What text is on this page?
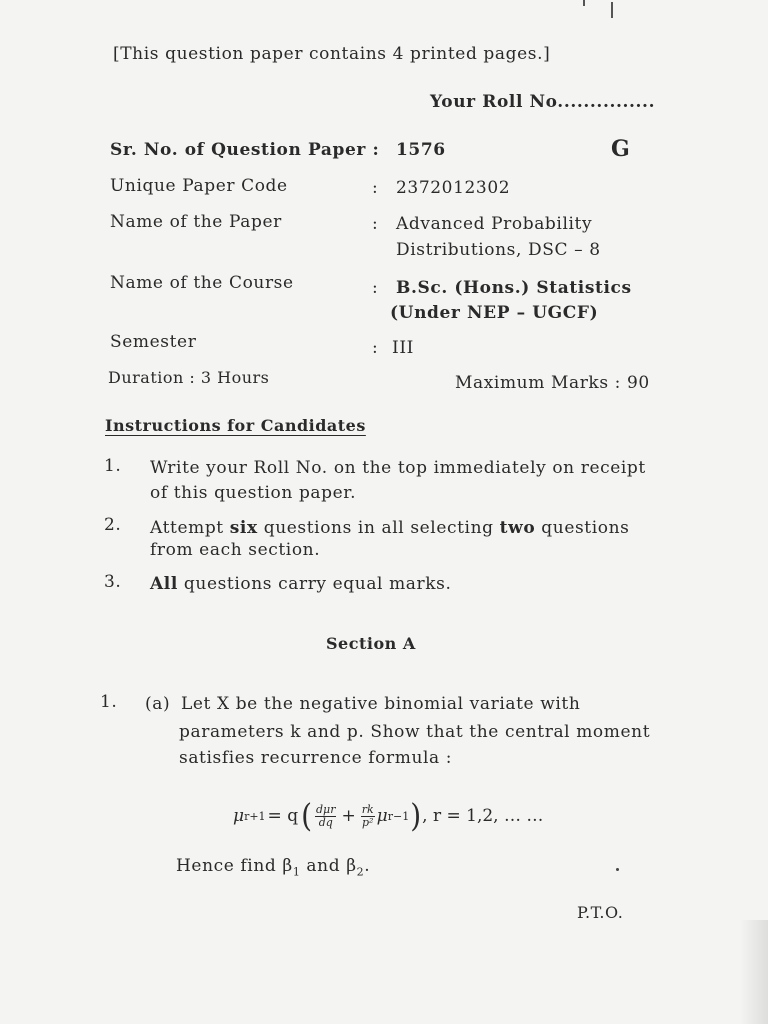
[This question paper contains 4 printed pages.]
Your Roll No...............
Sr. No. of Question Paper : 1576	G
Unique Paper Code	: 2372012302
Name of the Paper	: Advanced Probability
Distributions, DSC – 8
Name of the Course	: B.Sc. (Hons.) Statistics
(Under NEP – UGCF)
Semester	: III
Duration : 3 Hours	Maximum Marks : 90
Instructions for Candidates
1. Write your Roll No. on the top immediately on receipt
of this question paper.
2. Attempt six questions in all selecting two questions
from each section.
3. All questions carry equal marks.
Section A
1. (a) Let X be the negative binomial variate with
parameters k and p. Show that the central moment
satisfies recurrence formula :
μ r+1 = q ( $\frac{\text{dμr}}{dq} + \frac{rk}{\text{p²}}$ μ r−1 ) , r = 1,2, … …
Hence find $\beta_1$ and $\beta_2$.
P.T.O.
